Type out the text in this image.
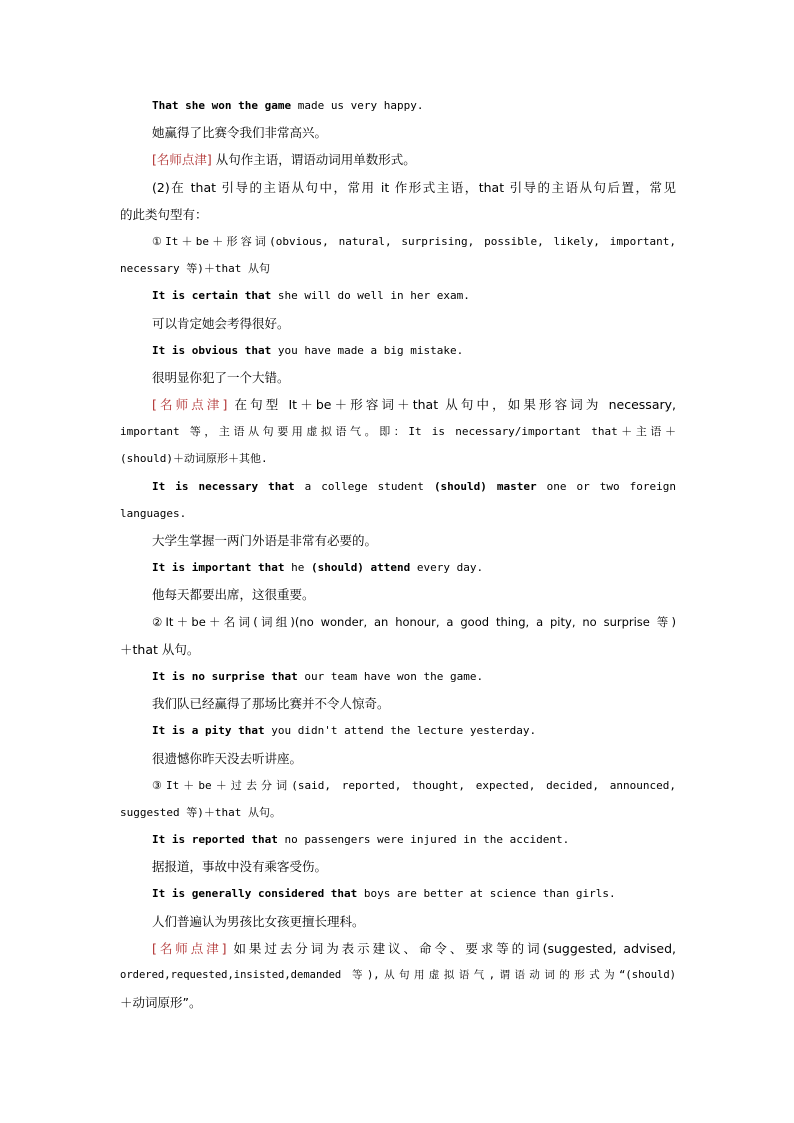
That she won the game made us very happy.
她赢得了比赛令我们非常高兴。
[名师点津] 从句作主语，谓语动词用单数形式。
(2)在 that 引导的主语从句中，常用 it 作形式主语，that 引导的主语从句后置，常见
的此类句型有：
①It＋be＋形容词(obvious, natural, surprising, possible, likely, important,
necessary 等)＋that 从句
It is certain that she will do well in her exam.
可以肯定她会考得很好。
It is obvious that you have made a big mistake.
很明显你犯了一个大错。
[名师点津] 在句型 It＋be＋形容词＋that 从句中，如果形容词为 necessary,
important 等，主语从句要用虚拟语气。即：It is necessary/important that＋主语＋
(should)＋动词原形＋其他.
It is necessary that a college student (should) master one or two foreign
languages.
大学生掌握一两门外语是非常有必要的。
It is important that he (should) attend every day.
他每天都要出席，这很重要。
②It＋be＋名词(词组)(no wonder, an honour, a good thing, a pity, no surprise 等)
＋that 从句。
It is no surprise that our team have won the game.
我们队已经赢得了那场比赛并不令人惊奇。
It is a pity that you didn't attend the lecture yesterday.
很遗憾你昨天没去听讲座。
③It＋be＋过去分词(said, reported, thought, expected, decided, announced,
suggested 等)＋that 从句。
It is reported that no passengers were injured in the accident.
据报道，事故中没有乘客受伤。
It is generally considered that boys are better at science than girls.
人们普遍认为男孩比女孩更擅长理科。
[名师点津] 如果过去分词为表示建议、命令、要求等的词(suggested, advised,
ordered,requested,insisted,demanded 等),从句用虚拟语气,谓语动词的形式为“(should)
＋动词原形”。
